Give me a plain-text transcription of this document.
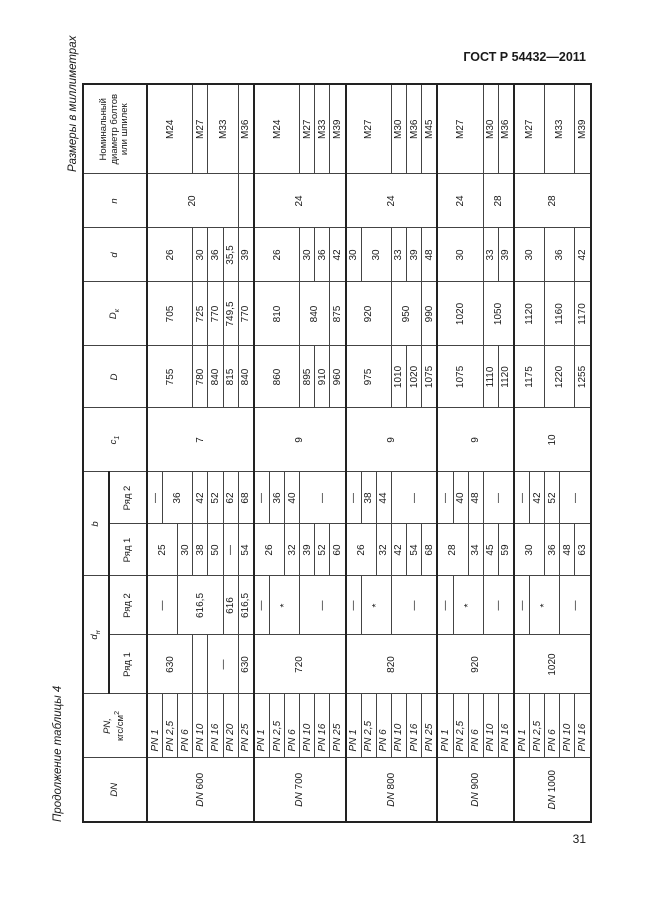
ГОСТ Р 54432—2011
Продолжение таблицы 4
Размеры в миллиметрах
DN	PN, кгс/$см^2$	$d_н$		b		$c_1$	D	$D_к$	d	n	Номинальный диаметр болтов или шпилек
		Ряд 1	Ряд 2	Ряд 1	Ряд 2						
DN 600	PN 1	630	—	25	—	7	755	705	26	20	M24
	PN 2,5				36						
	PN 6		616,5	30							
	PN 10			38	42		780	725	30		M27
	PN 16	—		50	52		840	770	36		M33
	PN 20		616	—	62		815	749,5	35,5		
	PN 25	630	616,5	54	68		840	770	39		M36
DN 700	PN 1	720	—	26	—	9	860	810	26	24	M24
	PN 2,5		*		36						
	PN 6			32	40						
	PN 10		—	39	—		895	840	30		M27
	PN 16			52			910		36		M33
	PN 25			60			960	875	42		M39
DN 800	PN 1	820	—	26	—	9	975	920	30	24	M27
	PN 2,5		*		38				30		
	PN 6			32	44						
	PN 10		—	42	—		1010	950	33		M30
	PN 16			54			1020		39		M36
	PN 25			68			1075	990	48		M45
DN 900	PN 1	920	—	28	—	9	1075	1020	30	24	M27
	PN 2,5		*		40						
	PN 6			34	48						
	PN 10		—	45	—		1110	1050	33	28	M30
	PN 16			59			1120		39		M36
DN 1000	PN 1	1020	—	30	—	10	1175	1120	30	28	M27
	PN 2,5		*		42						
	PN 6			36	52		1220	1160	36		M33
	PN 10		—	48	—						
	PN 16			63			1255	1170	42		M39
31
